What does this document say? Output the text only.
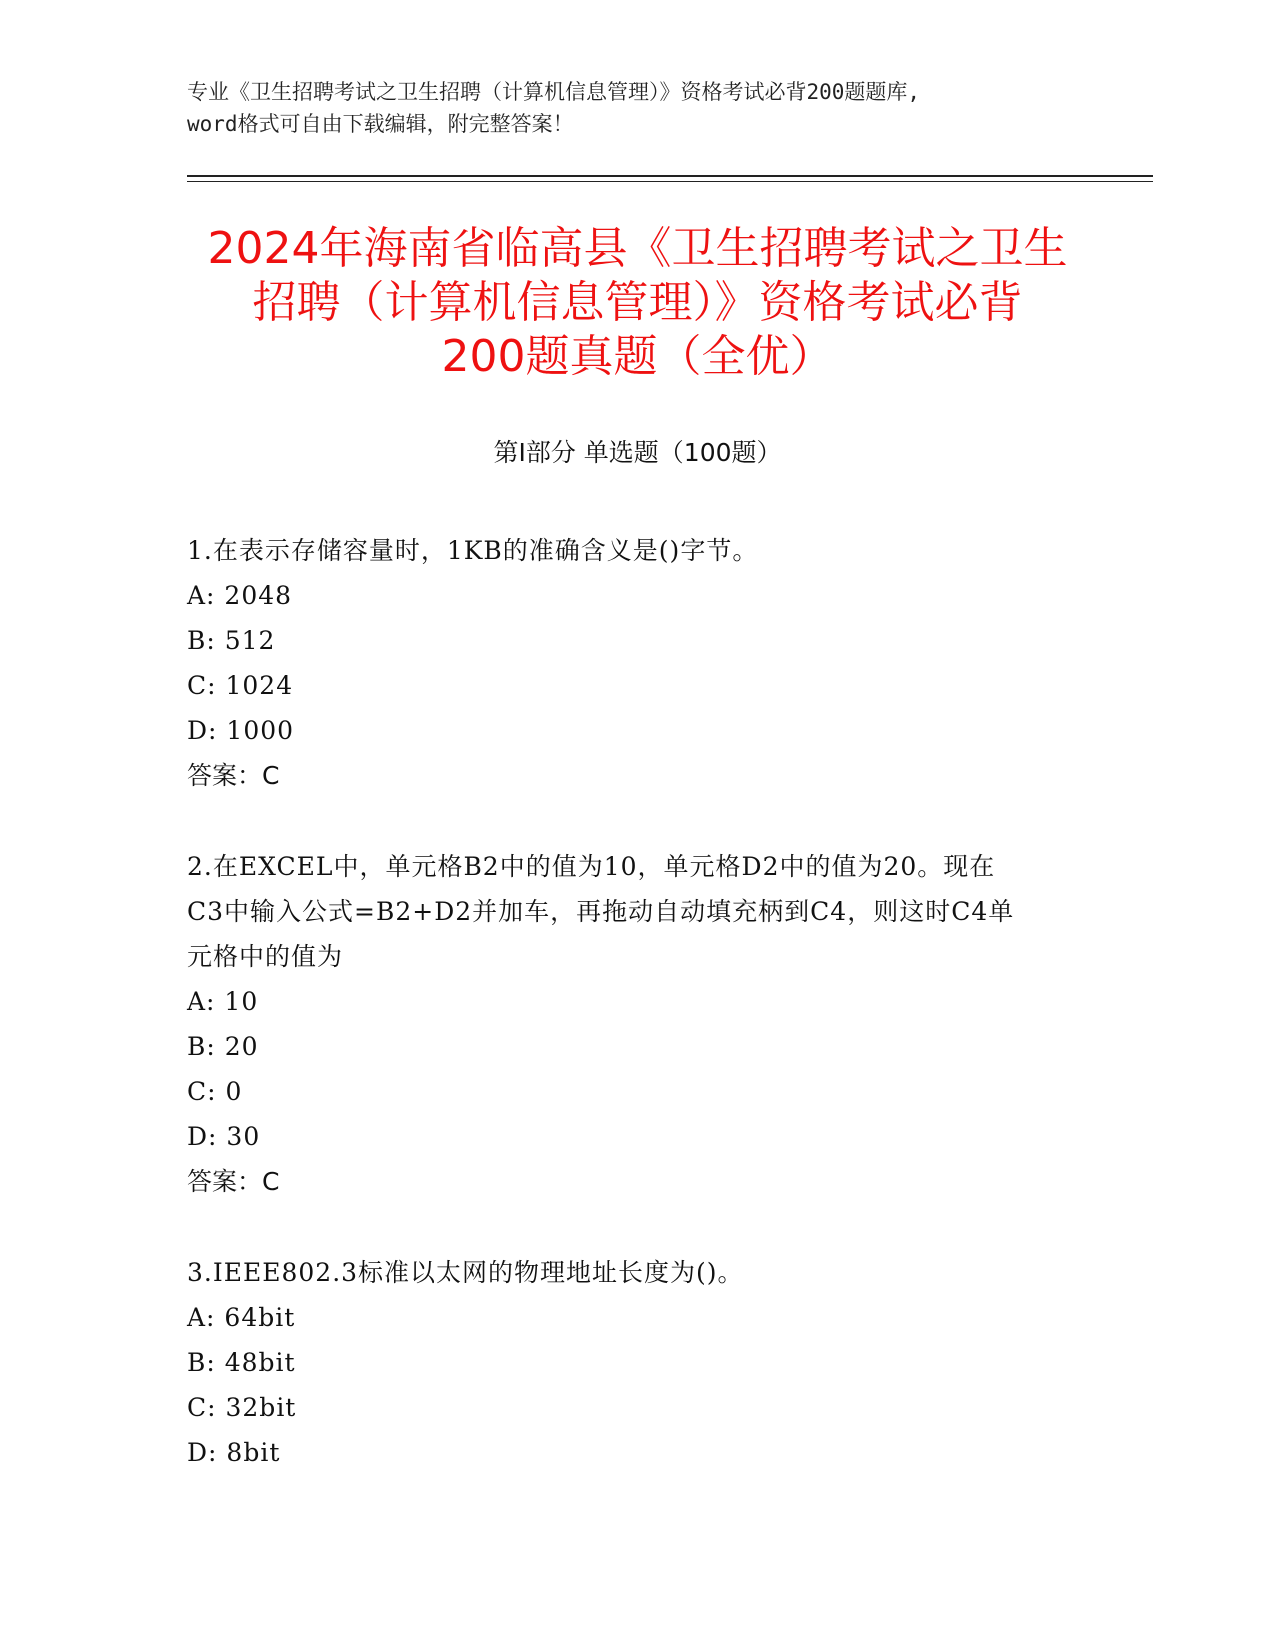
专业《卫生招聘考试之卫生招聘（计算机信息管理）》资格考试必背200题题库,
word格式可自由下载编辑，附完整答案！
2024年海南省临高县《卫生招聘考试之卫生
招聘（计算机信息管理）》资格考试必背
200题真题（全优）
第Ⅰ部分 单选题（100题）
1.在表示存储容量时，1KB的准确含义是()字节。
A: 2048
B: 512
C: 1024
D: 1000
答案：C
2.在EXCEL中，单元格B2中的值为10，单元格D2中的值为20。现在
C3中输入公式=B2+D2并加车，再拖动自动填充柄到C4，则这时C4单
元格中的值为
A: 10
B: 20
C: 0
D: 30
答案：C
3.IEEE802.3标准以太网的物理地址长度为()。
A: 64bit
B: 48bit
C: 32bit
D: 8bit
